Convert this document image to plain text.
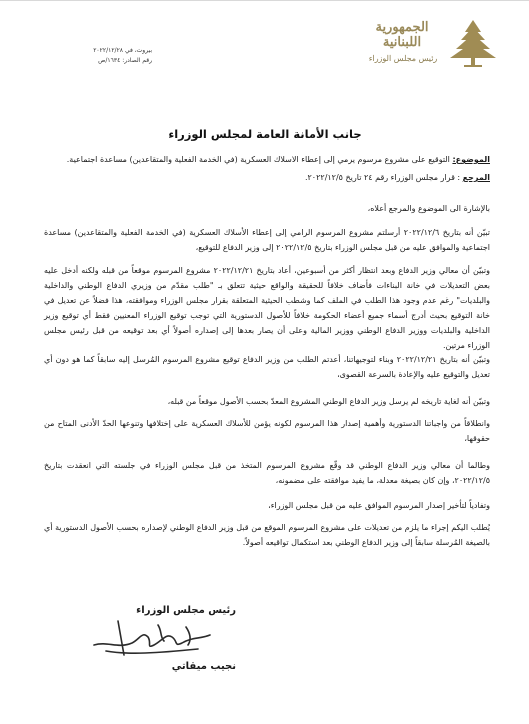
الجمهورية اللبنانية
رئيس مجلس الوزراء
بيروت، في ٢٠٢٢/١٢/٢٨
رقم الصادر: ١٦٣٤/ص
جانب الأمانة العامة لمجلس الوزراء
الموضوع: التوقيع على مشروع مرسوم يرمي إلى إعطاء الاسلاك العسكرية (في الخدمة الفعلية والمتقاعدين) مساعدة اجتماعية.
المرجع : قرار مجلس الوزراء رقم ٢٤ تاريخ ٢٠٢٢/١٢/٥.
بالإشارة الى الموضوع والمرجع أعلاه،
تبيّن أنه بتاريخ ٢٠٢٢/١٢/٦ أرسلتم مشروع المرسوم الرامي إلى إعطاء الأسلاك العسكرية (في الخدمة الفعلية والمتقاعدين) مساعدة اجتماعية والموافق عليه من قبل مجلس الوزراء بتاريخ ٢٠٢٢/١٢/٥ إلى وزير الدفاع للتوقيع،
وتبيّن أن معالي وزير الدفاع وبعد انتظار أكثر من أسبوعين، أعاد بتاريخ ٢٠٢٢/١٢/٢١ مشروع المرسوم موقعاً من قبله ولكنه أدخل عليه بعض التعديلات في خانة البناءات فأضاف خلافاً للحقيقة والواقع حيثية تتعلق بـ "طلب مقدّم من وزيري الدفاع الوطني والداخلية والبلديات" رغم عدم وجود هذا الطلب في الملف كما وشطب الحيثية المتعلقة بقرار مجلس الوزراء وموافقته، هذا فضلاً عن تعديل في خانة التوقيع بحيث أدرج أسماء جميع أعضاء الحكومة خلافاً للأصول الدستورية التي توجب توقيع الوزراء المعنيين فقط أي توقيع وزير الداخلية والبلديات ووزير الدفاع الوطني ووزير المالية وعلى أن يصار بعدها إلى إصداره أصولاً أي بعد توقيعه من قبل رئيس مجلس الوزراء مرتين.
وتبيّن أنه بتاريخ ٢٠٢٢/١٢/٢١ وبناء لتوجيهاتنا، أعدتم الطلب من وزير الدفاع توقيع مشروع المرسوم المُرسل إليه سابقاً كما هو دون أي تعديل والتوقيع عليه والإعادة بالسرعة القصوى،
وتبيّن أنه لغاية تاريخه لم يرسل وزير الدفاع الوطني المشروع المعدّ بحسب الأصول موقعاً من قبله،
وانطلاقاً من واجباتنا الدستورية وأهمية إصدار هذا المرسوم لكونه يؤمن للأسلاك العسكرية على إختلافها وتنوعها الحدّ الأدنى المتاح من حقوقها،
وطالما أن معالي وزير الدفاع الوطني قد وقّع مشروع المرسوم المتخذ من قبل مجلس الوزراء في جلسته التي انعقدت بتاريخ ٢٠٢٢/١٢/٥، وإن كان بصيغة معدلة، ما يفيد موافقته على مضمونه،
وتفادياً لتأخير إصدار المرسوم الموافق عليه من قبل مجلس الوزراء،
يُطلب اليكم إجراء ما يلزم من تعديلات على مشروع المرسوم الموقع من قبل وزير الدفاع الوطني لإصداره بحسب الأصول الدستورية أي بالصيغة المُرسلة سابقاً إلى وزير الدفاع الوطني بعد استكمال تواقيعه أصولاً.
رئيس مجلس الوزراء
نجيب ميقاتي
